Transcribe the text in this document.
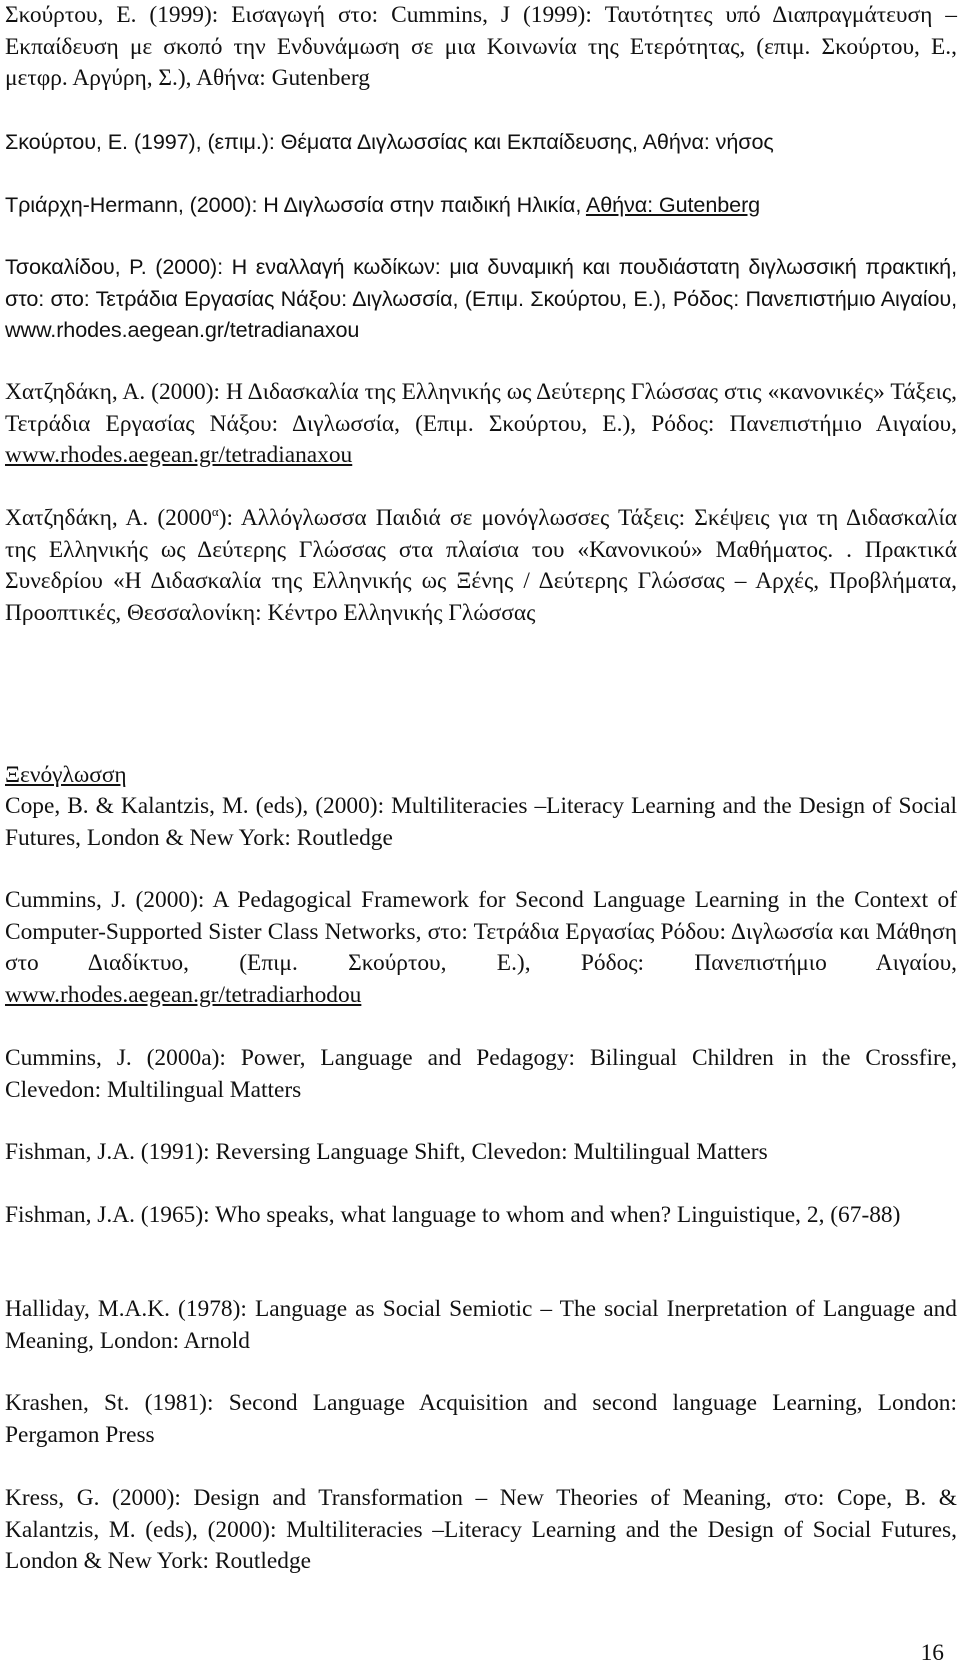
Σκούρτου, Ε. (1999): Εισαγωγή στο: Cummins, J (1999): Ταυτότητες υπό Διαπραγμάτευση –Εκπαίδευση με σκοπό την Ενδυνάμωση σε μια Κοινωνία της Ετερότητας, (επιμ. Σκούρτου, Ε., μετφρ. Αργύρη, Σ.), Αθήνα: Gutenberg

Σκούρτου, Ε. (1997), (επιμ.): Θέματα Διγλωσσίας και Εκπαίδευσης, Αθήνα: νήσος

Τριάρχη-Hermann, (2000): Η Διγλωσσία στην παιδική Ηλικία, Αθήνα: Gutenberg

Τσοκαλίδου, Ρ. (2000): Η εναλλαγή κωδίκων: μια δυναμική και πουδιάστατη διγλωσσική πρακτική, στο: στο: Τετράδια Εργασίας Νάξου: Διγλωσσία, (Επιμ. Σκούρτου, Ε.), Ρόδος: Πανεπιστήμιο Αιγαίου, www.rhodes.aegean.gr/tetradianaxou

Χατζηδάκη, Α. (2000): Η Διδασκαλία της Ελληνικής ως Δεύτερης Γλώσσας στις «κανονικές» Τάξεις, Τετράδια Εργασίας Νάξου: Διγλωσσία, (Επιμ. Σκούρτου, Ε.), Ρόδος: Πανεπιστήμιο Αιγαίου, www.rhodes.aegean.gr/tetradianaxou

Χατζηδάκη, Α. $(2000^\alpha)$: Αλλόγλωσσα Παιδιά σε μονόγλωσσες Τάξεις: Σκέψεις για τη Διδασκαλία της Ελληνικής ως Δεύτερης Γλώσσας στα πλαίσια του «Κανονικού» Μαθήματος. . Πρακτικά Συνεδρίου «Η Διδασκαλία της Ελληνικής ως Ξένης / Δεύτερης Γλώσσας – Αρχές, Προβλήματα, Προοπτικές, Θεσσαλονίκη: Κέντρο Ελληνικής Γλώσσας

Ξενόγλωσση

Cope, B. & Kalantzis, M. (eds), (2000): Multiliteracies –Literacy Learning and the Design of Social Futures, London & New York: Routledge

Cummins, J. (2000): A Pedagogical Framework for Second Language Learning in the Context of Computer-Supported Sister Class Networks, στο: Τετράδια Εργασίας Ρόδου: Διγλωσσία και Μάθηση στο Διαδίκτυο, (Επιμ. Σκούρτου, Ε.), Ρόδος: Πανεπιστήμιο Αιγαίου, www.rhodes.aegean.gr/tetradiarhodou

Cummins, J. (2000a): Power, Language and Pedagogy: Bilingual Children in the Crossfire, Clevedon: Multilingual Matters

Fishman, J.A. (1991): Reversing Language Shift, Clevedon: Multilingual Matters

Fishman, J.A. (1965): Who speaks, what language to whom and when? Linguistique, 2, (67-88)

Halliday, M.A.K. (1978): Language as Social Semiotic – The social Inerpretation of Language and Meaning, London: Arnold

Krashen, St. (1981): Second Language Acquisition and second language Learning, London: Pergamon Press

Kress, G. (2000): Design and Transformation – New Theories of Meaning, στο: Cope, B. & Kalantzis, M. (eds), (2000): Multiliteracies –Literacy Learning and the Design of Social Futures, London & New York: Routledge

16
